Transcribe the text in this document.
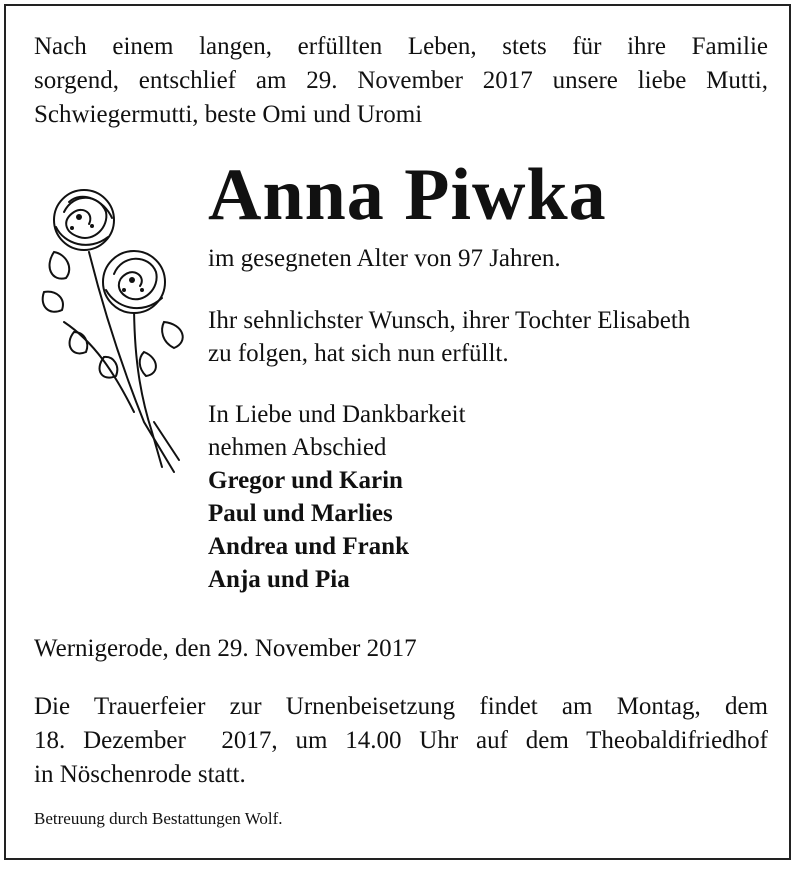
Nach einem langen, erfüllten Leben, stets für ihre Familie
sorgend, entschlief am 29. November 2017 unsere liebe Mutti,
Schwiegermutti, beste Omi und Uromi
Anna Piwka
im gesegneten Alter von 97 Jahren.
Ihr sehnlichster Wunsch, ihrer Tochter Elisabeth
zu folgen, hat sich nun erfüllt.
In Liebe und Dankbarkeit
nehmen Abschied
Gregor und Karin
Paul und Marlies
Andrea und Frank
Anja und Pia
Wernigerode, den 29. November 2017
Die Trauerfeier zur Urnenbeisetzung findet am Montag, dem
18. Dezember  2017, um 14.00 Uhr auf dem Theobaldifriedhof
in Nöschenrode statt.
Betreuung durch Bestattungen Wolf.
